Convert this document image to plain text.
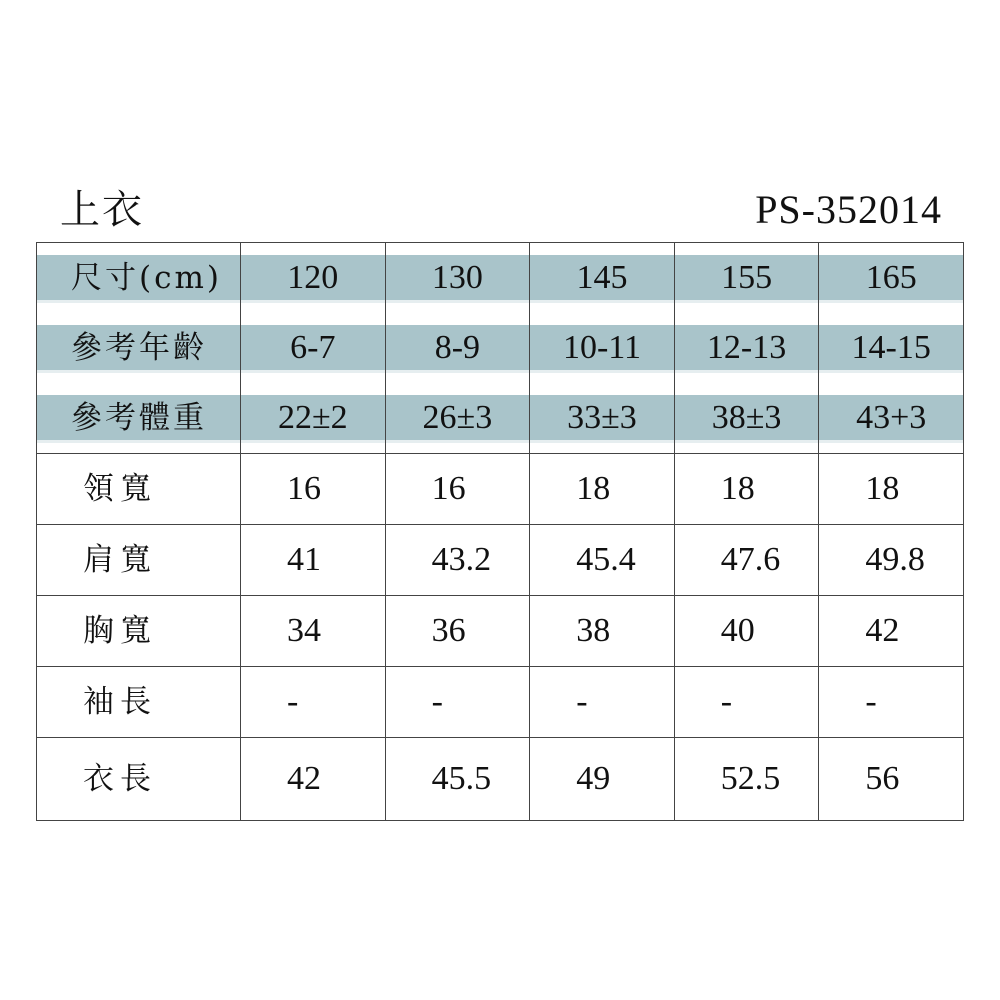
上衣	PS-352014
尺寸(cm)	120	130	145	155	165

參考年齡	6-7	8-9	10-11	12-13	14-15

參考體重	22±2	26±3	33±3	38±3	43+3

領寬	16	16	18	18	18

肩寬	41	43.2	45.4	47.6	49.8

胸寬	34	36	38	40	42

袖長	-	-	-	-	-

衣長	42	45.5	49	52.5	56
